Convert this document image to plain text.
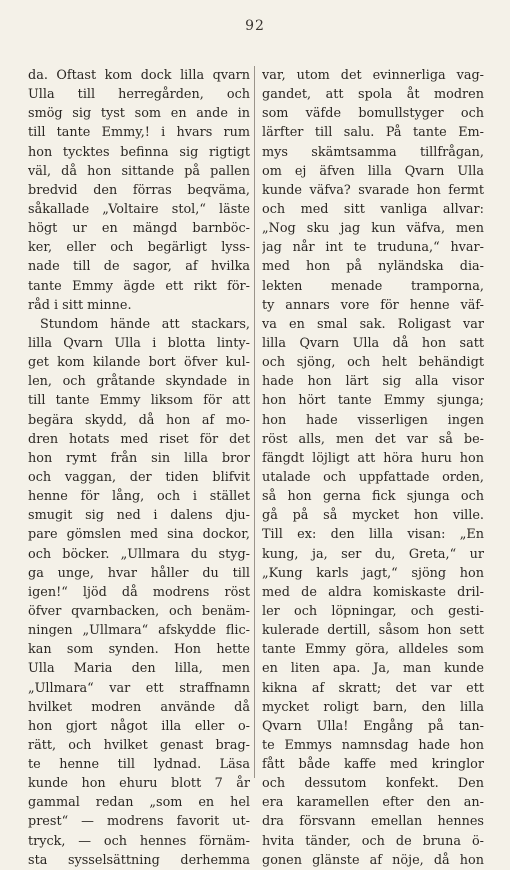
92
da. Oftast kom dock lilla qvarn
Ulla till herregården, och
smög sig tyst som en ande in
till tante Emmy,! i hvars rum
hon tycktes befinna sig rigtigt
väl, då hon sittande på pallen
bredvid den förras beqväma,
såkallade „Voltaire stol,“ läste
högt ur en mängd barnböc-
ker, eller och begärligt lyss-
nade till de sagor, af hvilka
tante Emmy ägde ett rikt för-
råd i sitt minne.
Stundom hände att stackars,
lilla Qvarn Ulla i blotta linty-
get kom kilande bort öfver kul-
len, och gråtande skyndade in
till tante Emmy liksom för att
begära skydd, då hon af mo-
dren hotats med riset för det
hon rymt från sin lilla bror
och vaggan, der tiden blifvit
henne för lång, och i stället
smugit sig ned i dalens dju-
pare gömslen med sina dockor,
och böcker. „Ullmara du styg-
ga unge, hvar håller du till
igen!“ ljöd då modrens röst
öfver qvarnbacken, och benäm-
ningen „Ullmara“ afskydde flic-
kan som synden. Hon hette
Ulla Maria den lilla, men
„Ullmara“ var ett straffnamn
hvilket modren använde då
hon gjort något illa eller o-
rätt, och hvilket genast brag-
te henne till lydnad. Läsa
kunde hon ehuru blott 7 år
gammal redan „som en hel
prest“ — modrens favorit ut-
tryck, — och hennes förnäm-
sta sysselsättning derhemma
var, utom det evinnerliga vag-
gandet, att spola åt modren
som väfde bomullstyger och
lärfter till salu. På tante Em-
mys skämtsamma tillfrågan,
om ej äfven lilla Qvarn Ulla
kunde väfva? svarade hon fermt
och med sitt vanliga allvar:
„Nog sku jag kun väfva, men
jag når int te truduna,“ hvar-
med hon på nyländska dia-
lekten menade trampornа,
ty annars vore för henne väf-
va en smal sak. Roligast var
lilla Qvarn Ulla då hon satt
och sjöng, och helt behändigt
hade hon lärt sig alla visor
hon hört tante Emmy sjunga;
hon hade visserligen ingen
röst alls, men det var så be-
fängdt löjligt att höra huru hon
utalade och uppfattade orden,
så hon gerna fick sjunga och
gå på så mycket hon ville.
Till ex: den lilla visan: „En
kung, ja, ser du, Greta,“ ur
„Kung karls jagt,“ sjöng hon
med de aldra komiskaste dril-
ler och löpningar, och gesti-
kulerade dertill, såsom hon sett
tante Emmy göra, alldeles som
en liten apa. Ja, man kunde
kikna af skratt; det var ett
mycket roligt barn, den lilla
Qvarn Ulla! Engång på tan-
te Emmys namnsdag hade hon
fått både kaffe med kringlor
och dessutom konfekt. Den
era karamellen efter den an-
dra försvann emellan hennes
hvita tänder, och de bruna ö-
gonen glänste af nöje, då hon
